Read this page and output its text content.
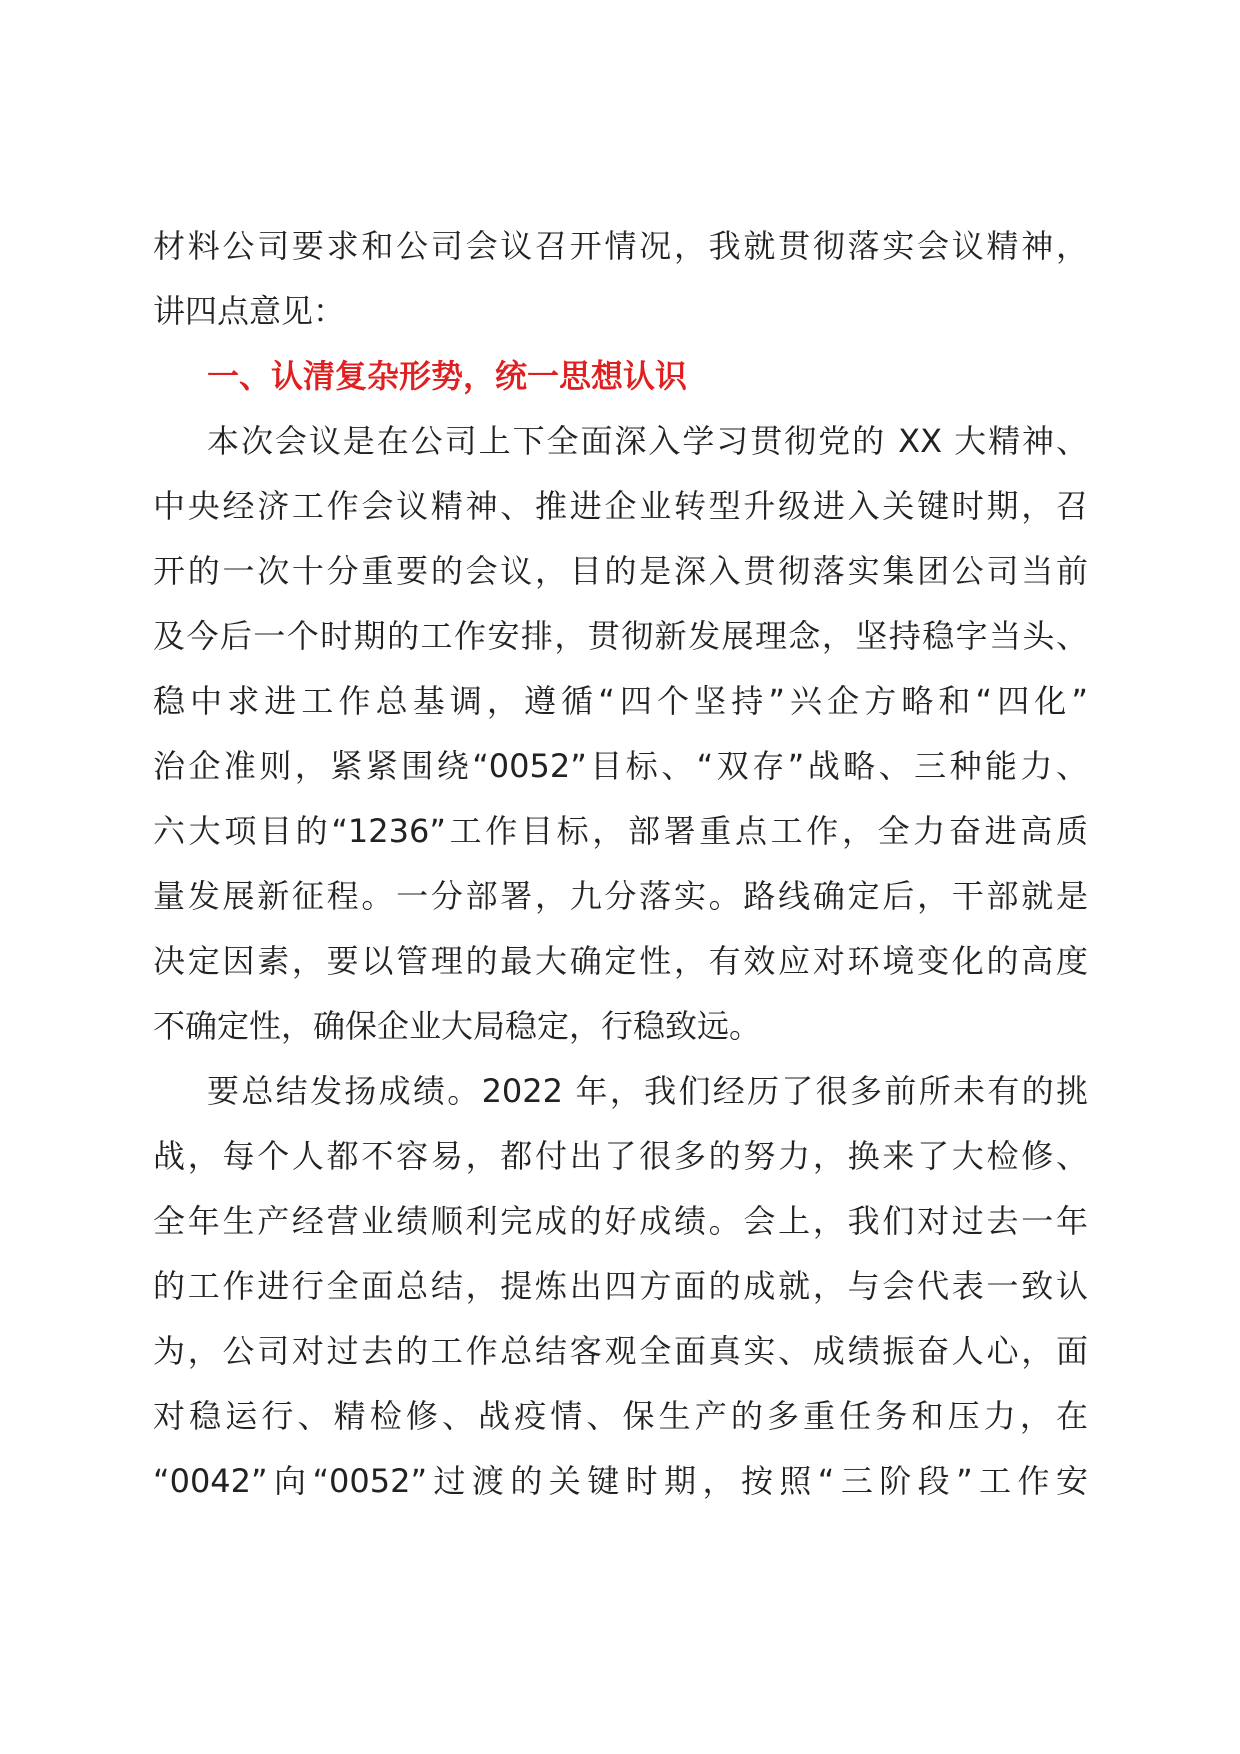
材料公司要求和公司会议召开情况，我就贯彻落实会议精神，
讲四点意见：
一、认清复杂形势，统一思想认识
本次会议是在公司上下全面深入学习贯彻党的 XX 大精神、
中央经济工作会议精神、推进企业转型升级进入关键时期，召
开的一次十分重要的会议，目的是深入贯彻落实集团公司当前
及今后一个时期的工作安排，贯彻新发展理念，坚持稳字当头、
稳中求进工作总基调，遵循“四个坚持”兴企方略和“四化”
治企准则，紧紧围绕“0052”目标、“双存”战略、三种能力、
六大项目的“1236”工作目标，部署重点工作，全力奋进高质
量发展新征程。一分部署，九分落实。路线确定后，干部就是
决定因素，要以管理的最大确定性，有效应对环境变化的高度
不确定性，确保企业大局稳定，行稳致远。
要总结发扬成绩。2022 年，我们经历了很多前所未有的挑
战，每个人都不容易，都付出了很多的努力，换来了大检修、
全年生产经营业绩顺利完成的好成绩。会上，我们对过去一年
的工作进行全面总结，提炼出四方面的成就，与会代表一致认
为，公司对过去的工作总结客观全面真实、成绩振奋人心，面
对稳运行、精检修、战疫情、保生产的多重任务和压力，在
“0042”向“0052”过渡的关键时期，按照“三阶段”工作安
